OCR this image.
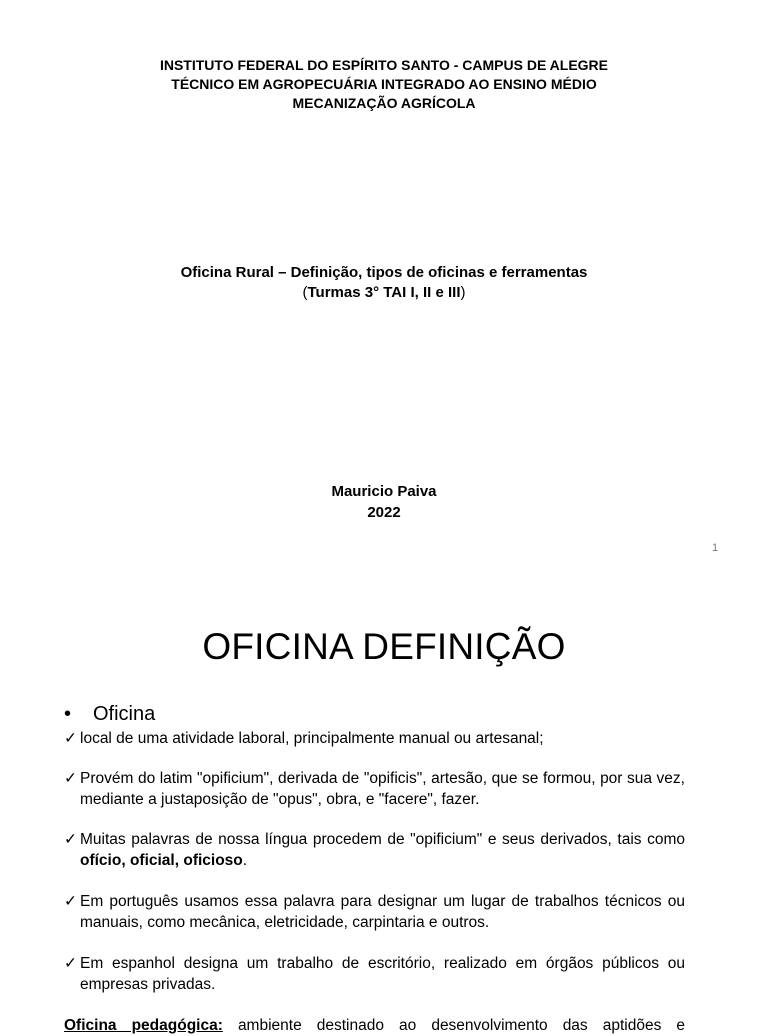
INSTITUTO FEDERAL DO ESPÍRITO SANTO - CAMPUS DE ALEGRE
TÉCNICO EM AGROPECUÁRIA INTEGRADO AO ENSINO MÉDIO
MECANIZAÇÃO AGRÍCOLA
Oficina Rural – Definição, tipos de oficinas e ferramentas
(Turmas 3° TAI I, II e III)
Mauricio Paiva
2022
1
OFICINA DEFINIÇÃO
• Oficina
✓ local de uma atividade laboral, principalmente manual ou artesanal;
✓ Provém do latim "opificium", derivada de "opificis", artesão, que se formou, por sua vez, mediante a justaposição de "opus", obra, e "facere", fazer.
✓ Muitas palavras de nossa língua procedem de "opificium" e seus derivados, tais como ofício, oficial, oficioso.
✓ Em português usamos essa palavra para designar um lugar de trabalhos técnicos ou manuais, como mecânica, eletricidade, carpintaria e outros.
✓ Em espanhol designa um trabalho de escritório, realizado em órgãos públicos ou empresas privadas.
Oficina pedagógica: ambiente destinado ao desenvolvimento das aptidões e
